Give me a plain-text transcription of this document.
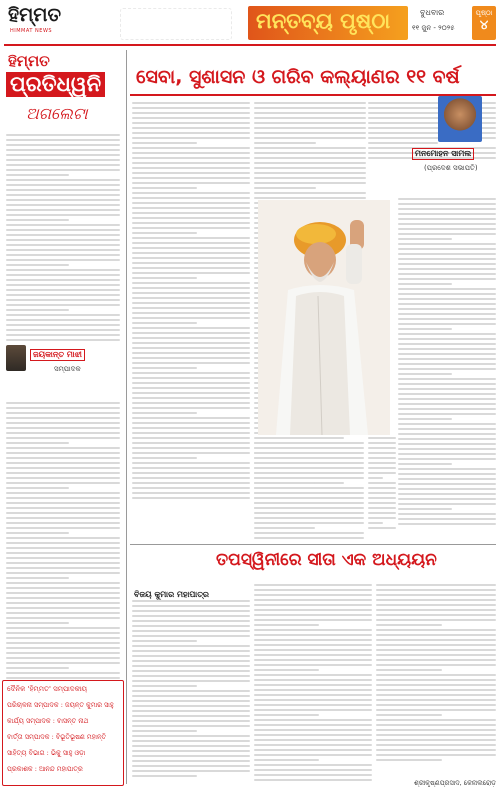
ହିମ୍ମତ
HIMMAT NEWS	ମନ୍ତବ୍ୟ ପୃଷ୍ଠା	ବୁଧବାର
୧୧ ଜୁନ - ୨୦୨୫
ପୃଷ୍ଠା
୪
ହିମ୍ମତ
ପ୍ରତିଧ୍ୱନି
ଅଗଲେଟା
ଜୟକାନ୍ତ ମାଝୀ
ସମ୍ପାଦକ
ଦୈନିକ 'ହିମ୍ମତ' ସମ୍ପାଦକୀୟ
ପରିଚାଳନା ସମ୍ପାଦକ : ଜୟନ୍ତ କୁମାର ସାହୁ
କାର୍ଯ୍ୟ ସମ୍ପାଦକ : ବାସନ୍ତ ନାଥ
ବାର୍ତ୍ତା ସମ୍ପାଦକ : ବିଭୂତିଭୂଷଣ ମହାନ୍ତି
ସାହିତ୍ୟ ବିଭାଗ : ଭିକୁ ସାହୁ ଓଡ଼ା
ପ୍ରକାଶକ : ଆନନ୍ଦ ମହାପାତ୍ର
ସେବା, ସୁଶାସନ ଓ ଗରିବ କଲ୍ୟାଣର ୧୧ ବର୍ଷ
ମନମୋହନ ସାମଲ
(ପ୍ରଦେଶ ସଭାପତି)
ତପସ୍ୱିନୀରେ ସୀତା ଏକ ଅଧ୍ୟୟନ
ବିଜୟ କୁମାର ମହାପାତ୍ର
ଶ୍ରୀକୃଷ୍ଣପ୍ରସାଦ, କେନାଲରୋଡ଼
